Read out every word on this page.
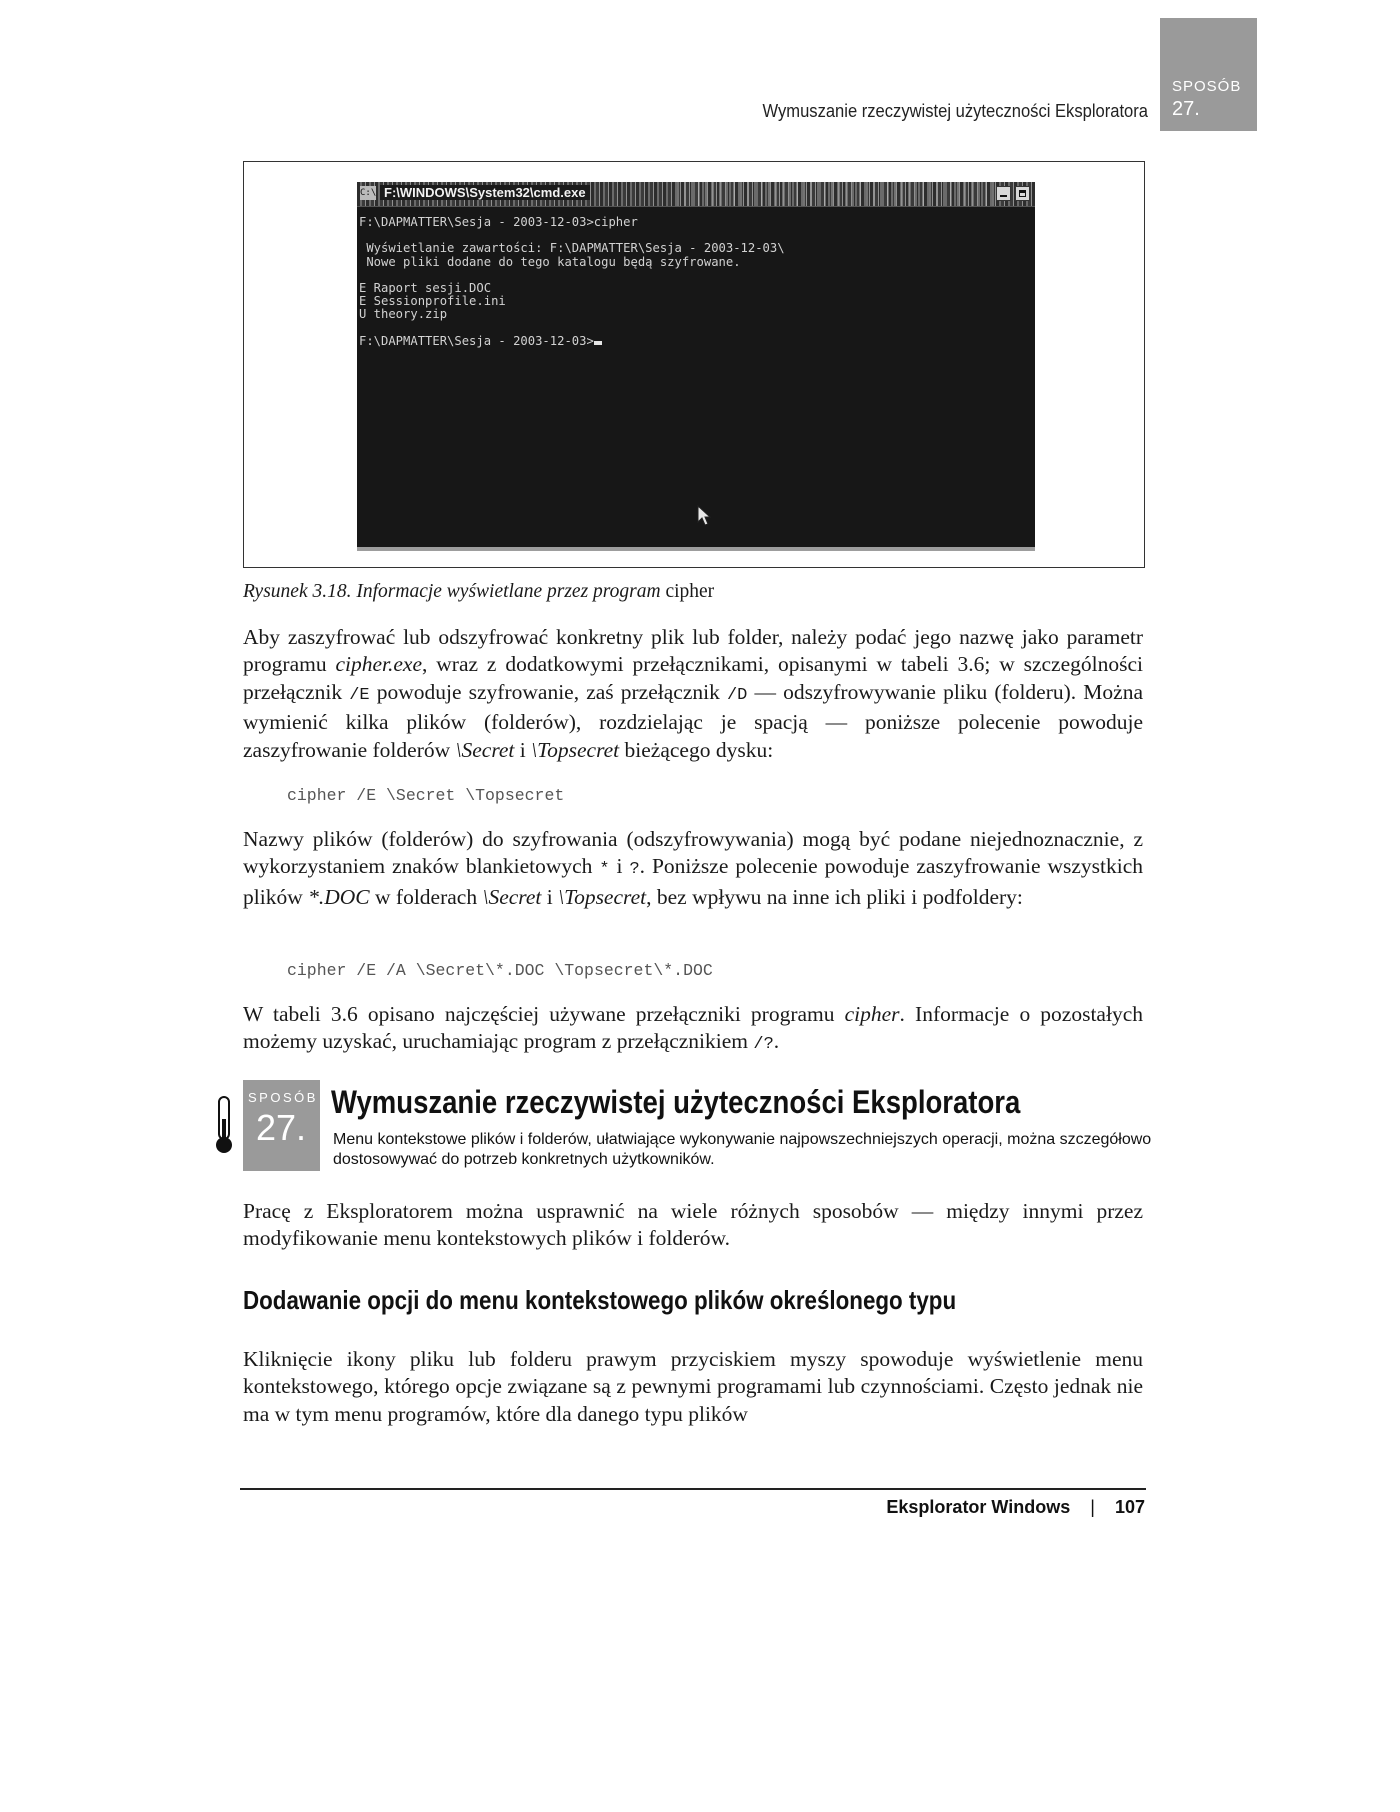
SPOSÓB
27.
Wymuszanie rzeczywistej użyteczności Eksploratora
C:\ F:\WINDOWS\System32\cmd.exe
F:\DAPMATTER\Sesja - 2003-12-03>cipher

Wyświetlanie zawartości: F:\DAPMATTER\Sesja - 2003-12-03\
Nowe pliki dodane do tego katalogu będą szyfrowane.

E Raport sesji.DOC
E Sessionprofile.ini
U theory.zip

F:\DAPMATTER\Sesja - 2003-12-03>
Rysunek 3.18. Informacje wyświetlane przez program cipher
Aby zaszyfrować lub odszyfrować konkretny plik lub folder, należy podać jego nazwę jako parametr programu cipher.exe, wraz z dodatkowymi przełącznikami, opisanymi w tabeli 3.6; w szczególności przełącznik /E powoduje szyfrowanie, zaś przełącznik /D — odszyfrowywanie pliku (folderu). Można wymienić kilka plików (folderów), rozdzielając je spacją — poniższe polecenie powoduje zaszyfrowanie folderów \Secret i \Topsecret bieżącego dysku:
cipher /E \Secret \Topsecret
Nazwy plików (folderów) do szyfrowania (odszyfrowywania) mogą być podane niejednoznacznie, z wykorzystaniem znaków blankietowych * i ?. Poniższe polecenie powoduje zaszyfrowanie wszystkich plików *.DOC w folderach \Secret i \Topsecret, bez wpływu na inne ich pliki i podfoldery:
cipher /E /A \Secret\*.DOC \Topsecret\*.DOC
W tabeli 3.6 opisano najczęściej używane przełączniki programu cipher. Informacje o pozostałych możemy uzyskać, uruchamiając program z przełącznikiem /?.
SPOSÓB
27.
Wymuszanie rzeczywistej użyteczności Eksploratora
Menu kontekstowe plików i folderów, ułatwiające wykonywanie najpowszechniejszych operacji, można szczegółowo dostosowywać do potrzeb konkretnych użytkowników.
Pracę z Eksploratorem można usprawnić na wiele różnych sposobów — między innymi przez modyfikowanie menu kontekstowych plików i folderów.
Dodawanie opcji do menu kontekstowego plików określonego typu
Kliknięcie ikony pliku lub folderu prawym przyciskiem myszy spowoduje wyświetlenie menu kontekstowego, którego opcje związane są z pewnymi programami lub czynnościami. Często jednak nie ma w tym menu programów, które dla danego typu plików
Eksplorator Windows | 107
